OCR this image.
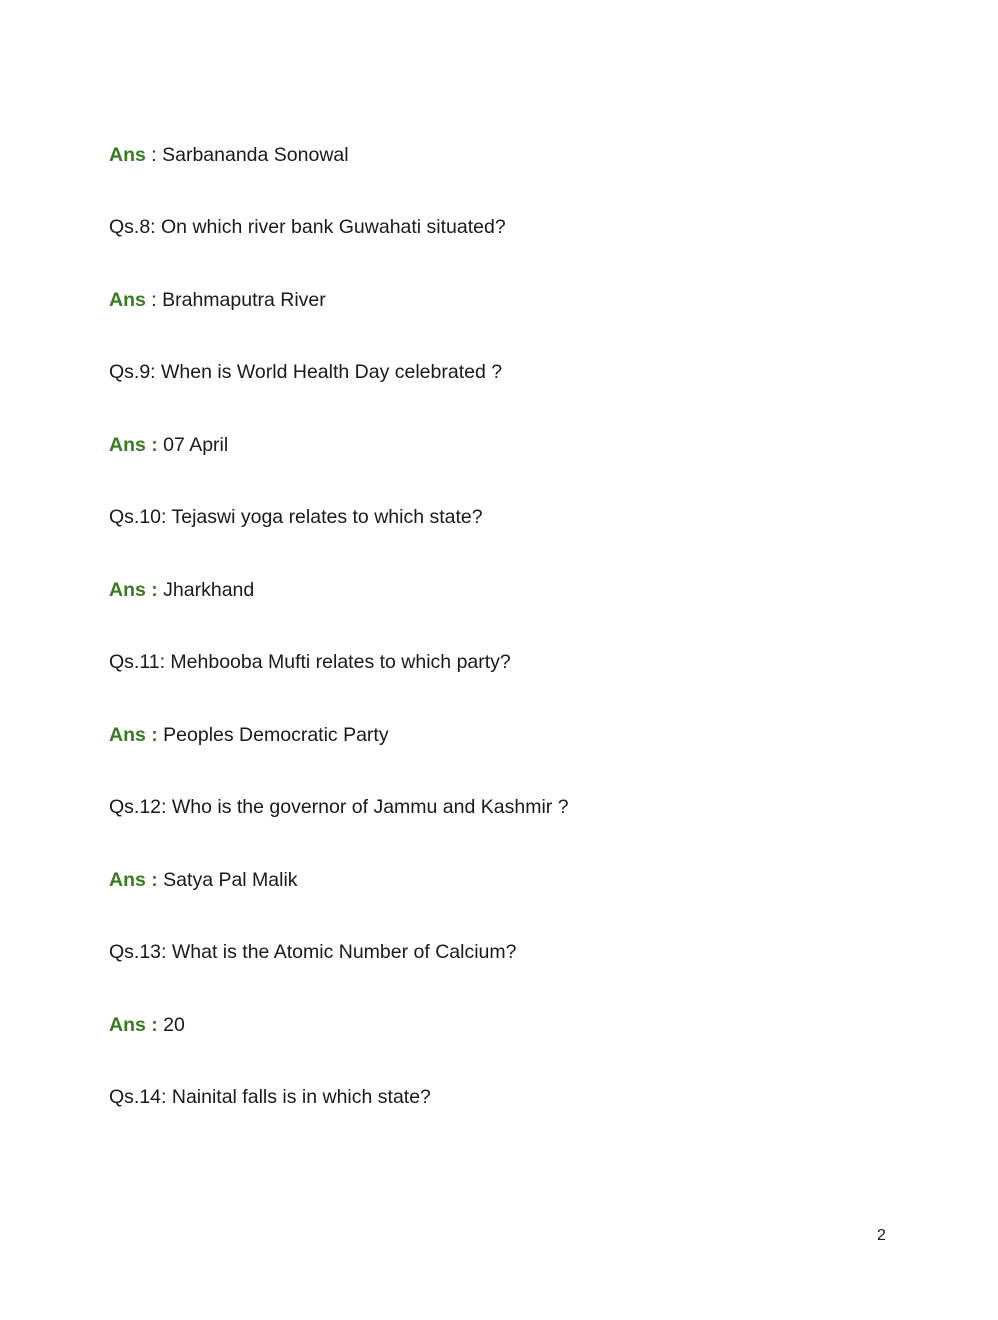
Ans : Sarbananda Sonowal
Qs.8: On which river bank Guwahati situated?
Ans : Brahmaputra River
Qs.9: When is World Health Day celebrated ?
Ans : 07 April
Qs.10: Tejaswi yoga relates to which state?
Ans : Jharkhand
Qs.11: Mehbooba Mufti relates to which party?
Ans : Peoples Democratic Party
Qs.12: Who is the governor of Jammu and Kashmir ?
Ans : Satya Pal Malik
Qs.13: What is the Atomic Number of Calcium?
Ans : 20
Qs.14: Nainital falls is in which state?
2
